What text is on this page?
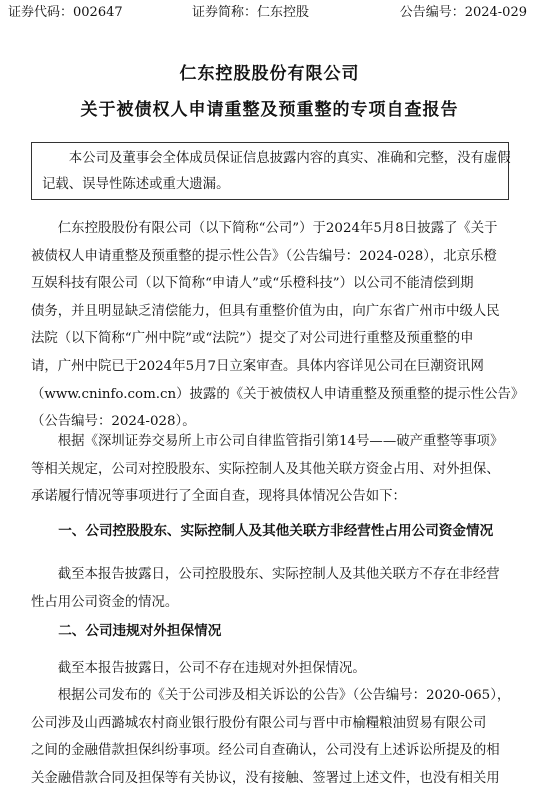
证券代码：002647	证券简称：仁东控股	公告编号：2024-029
仁东控股股份有限公司
关于被债权人申请重整及预重整的专项自查报告
本公司及董事会全体成员保证信息披露内容的真实、准确和完整，没有虚假
记载、误导性陈述或重大遗漏。
仁东控股股份有限公司（以下简称“公司”）于2024年5月8日披露了《关于
被债权人申请重整及预重整的提示性公告》（公告编号：2024-028），北京乐橙
互娱科技有限公司（以下简称“申请人”或“乐橙科技”）以公司不能清偿到期
债务，并且明显缺乏清偿能力，但具有重整价值为由，向广东省广州市中级人民
法院（以下简称“广州中院”或“法院”）提交了对公司进行重整及预重整的申
请，广州中院已于2024年5月7日立案审查。具体内容详见公司在巨潮资讯网
（www.cninfo.com.cn）披露的《关于被债权人申请重整及预重整的提示性公告》
（公告编号：2024-028）。
根据《深圳证券交易所上市公司自律监管指引第14号——破产重整等事项》
等相关规定，公司对控股股东、实际控制人及其他关联方资金占用、对外担保、
承诺履行情况等事项进行了全面自查，现将具体情况公告如下：
一、公司控股股东、实际控制人及其他关联方非经营性占用公司资金情况
截至本报告披露日，公司控股股东、实际控制人及其他关联方不存在非经营
性占用公司资金的情况。
二、公司违规对外担保情况
截至本报告披露日，公司不存在违规对外担保情况。
根据公司发布的《关于公司涉及相关诉讼的公告》（公告编号：2020-065），
公司涉及山西潞城农村商业银行股份有限公司与晋中市榆糧粮油贸易有限公司
之间的金融借款担保纠纷事项。经公司自查确认，公司没有上述诉讼所提及的相
关金融借款合同及担保等有关协议，没有接触、签署过上述文件，也没有相关用
